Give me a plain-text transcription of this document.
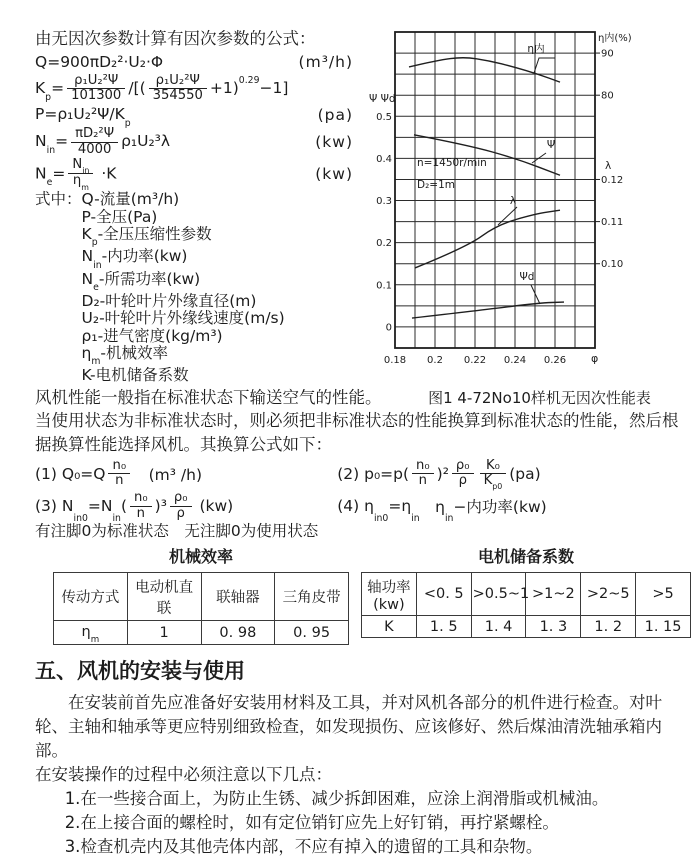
0.18 0.2 0.22 0.24 0.26 φ
Ψ Ψd
0.5
0.4
0.3
0.2
0.1
0
η内(%)
90
80
λ
0.12
0.11
0.10
n=1450r/min
D₂=1m
η内
Ψ
λ
Ψd
由无因次参数计算有因次参数的公式：
Q=900πD₂²·U₂·Φ	(m³/h)
$K_p= \frac{\text{ρ₁U₂²Ψ}}{101300}$ /[( $\frac{\text{ρ₁U₂²Ψ}}{354550} +1)^{0.29}-1$]
$P=\rho_1U_2^2\Psi/K_p$	(pa)
$N_{in}= \frac{\text{πD₂²Ψ}}{4000} \rho_1U_2^3\lambda$	(kw)
$N_e= \frac{N_{in}}{\eta_m} \cdot K$	(kw)
式中： Q-流量(m³/h)
P-全压(Pa)
$K_p-$全压压缩性参数
$N_{in}-$内功率(kw)
$N_e-$所需功率(kw)
D₂-叶轮叶片外缘直径(m)
U₂-叶轮叶片外缘线速度(m/s)
ρ₁-进气密度(kg/m³)
$\eta_m-$机械效率
K-电机储备系数
风机性能一般指在标准状态下输送空气的性能。	图1 4-72No10样机无因次性能表
当使用状态为非标准状态时，则必须把非标准状态的性能换算到标准状态的性能，然后根据换算性能选择风机。其换算公式如下：
(1) $Q_0=Q \frac{\text{n₀}}{n}$ 　(m³ /h)	(2) $p_0=p( \frac{\text{n₀}}{n} )^2 \frac{\text{ρ₀}}{\rho} \frac{\text{K₀}}{K_{p0}} (pa)$
(3) N
in0
=N
in
( $\frac{\text{n₀}}{n} )^3 \frac{\text{ρ₀}}{\rho} (kw)$	(4) η
in0
=η
in
　η
in
−内功率(kw)
有注脚0为标准状态　无注脚0为使用状态
机械效率
传动方式	电动机直联	联轴器	三角皮带
$\eta_m$	1	0. 98	0. 95
电机储备系数
轴功率(kw)	<0. 5	>0.5~1	>1~2	>2~5	>5
K	1. 5	1. 4	1. 3	1. 2	1. 15
五、风机的安装与使用

在安装前首先应准备好安装用材料及工具，并对风机各部分的机件进行检查。对叶轮、主轴和轴承等更应特别细致检查，如发现损伤、应该修好、然后煤油清洗轴承箱内部。

在安装操作的过程中必须注意以下几点：
1.在一些接合面上，为防止生锈、减少拆卸困难，应涂上润滑脂或机械油。
2.在上接合面的螺栓时，如有定位销钉应先上好钉销，再拧紧螺栓。
3.检查机壳内及其他壳体内部，不应有掉入的遗留的工具和杂物。
